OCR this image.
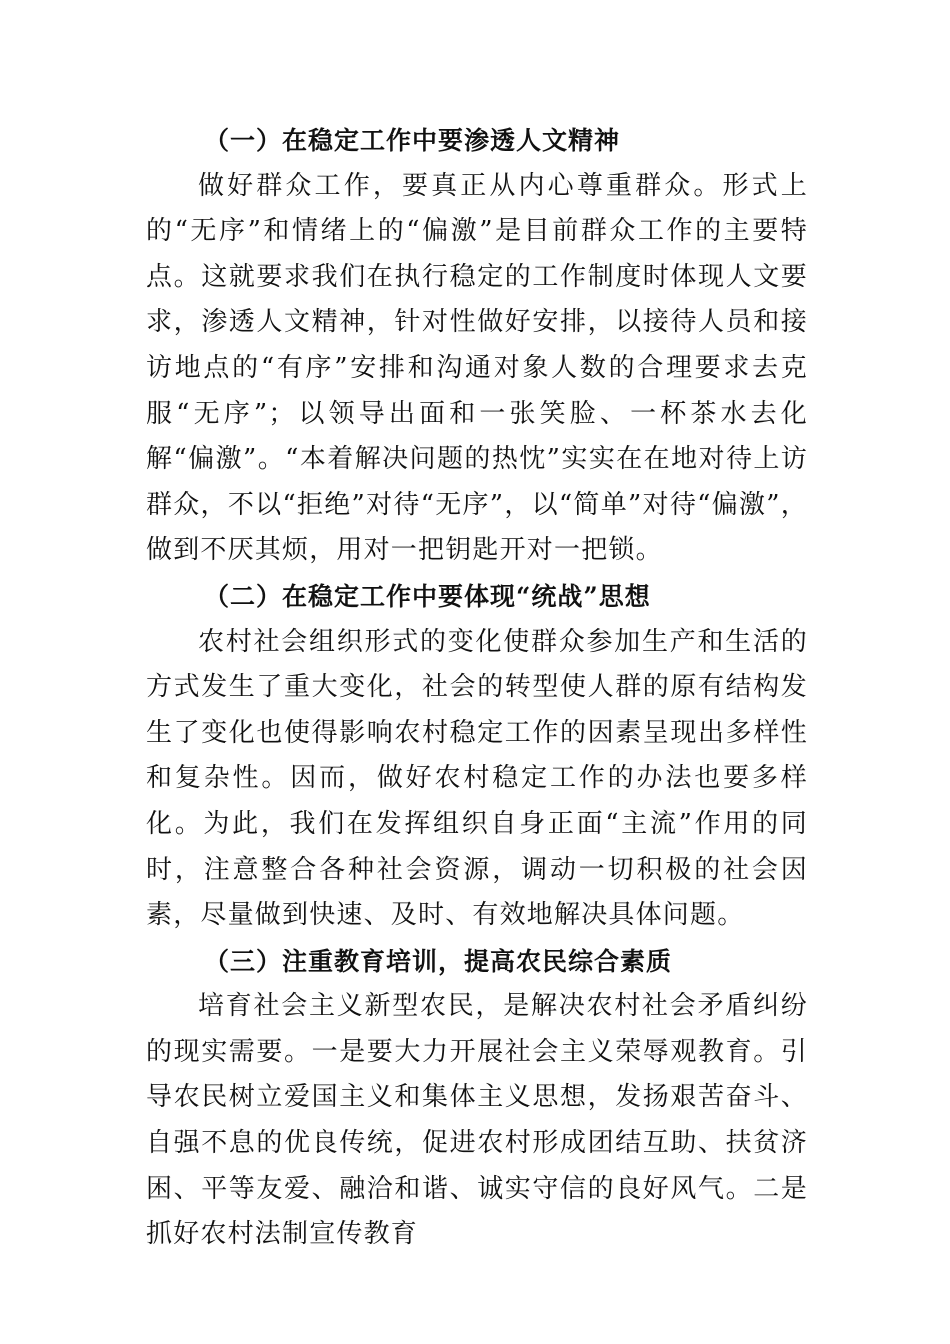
（一）在稳定工作中要渗透人文精神

做好群众工作，要真正从内心尊重群众。形式上的“无序”和情绪上的“偏激”是目前群众工作的主要特点。这就要求我们在执行稳定的工作制度时体现人文要求，渗透人文精神，针对性做好安排，以接待人员和接访地点的“有序”安排和沟通对象人数的合理要求去克服“无序”；以领导出面和一张笑脸、一杯茶水去化解“偏激”。“本着解决问题的热忱”实实在在地对待上访群众，不以“拒绝”对待“无序”，以“简单”对待“偏激”，做到不厌其烦，用对一把钥匙开对一把锁。

（二）在稳定工作中要体现“统战”思想

农村社会组织形式的变化使群众参加生产和生活的方式发生了重大变化，社会的转型使人群的原有结构发生了变化也使得影响农村稳定工作的因素呈现出多样性和复杂性。因而，做好农村稳定工作的办法也要多样化。为此，我们在发挥组织自身正面“主流”作用的同时，注意整合各种社会资源，调动一切积极的社会因素，尽量做到快速、及时、有效地解决具体问题。

（三）注重教育培训，提高农民综合素质

培育社会主义新型农民，是解决农村社会矛盾纠纷的现实需要。一是要大力开展社会主义荣辱观教育。引导农民树立爱国主义和集体主义思想，发扬艰苦奋斗、自强不息的优良传统，促进农村形成团结互助、扶贫济困、平等友爱、融洽和谐、诚实守信的良好风气。二是抓好农村法制宣传教育
